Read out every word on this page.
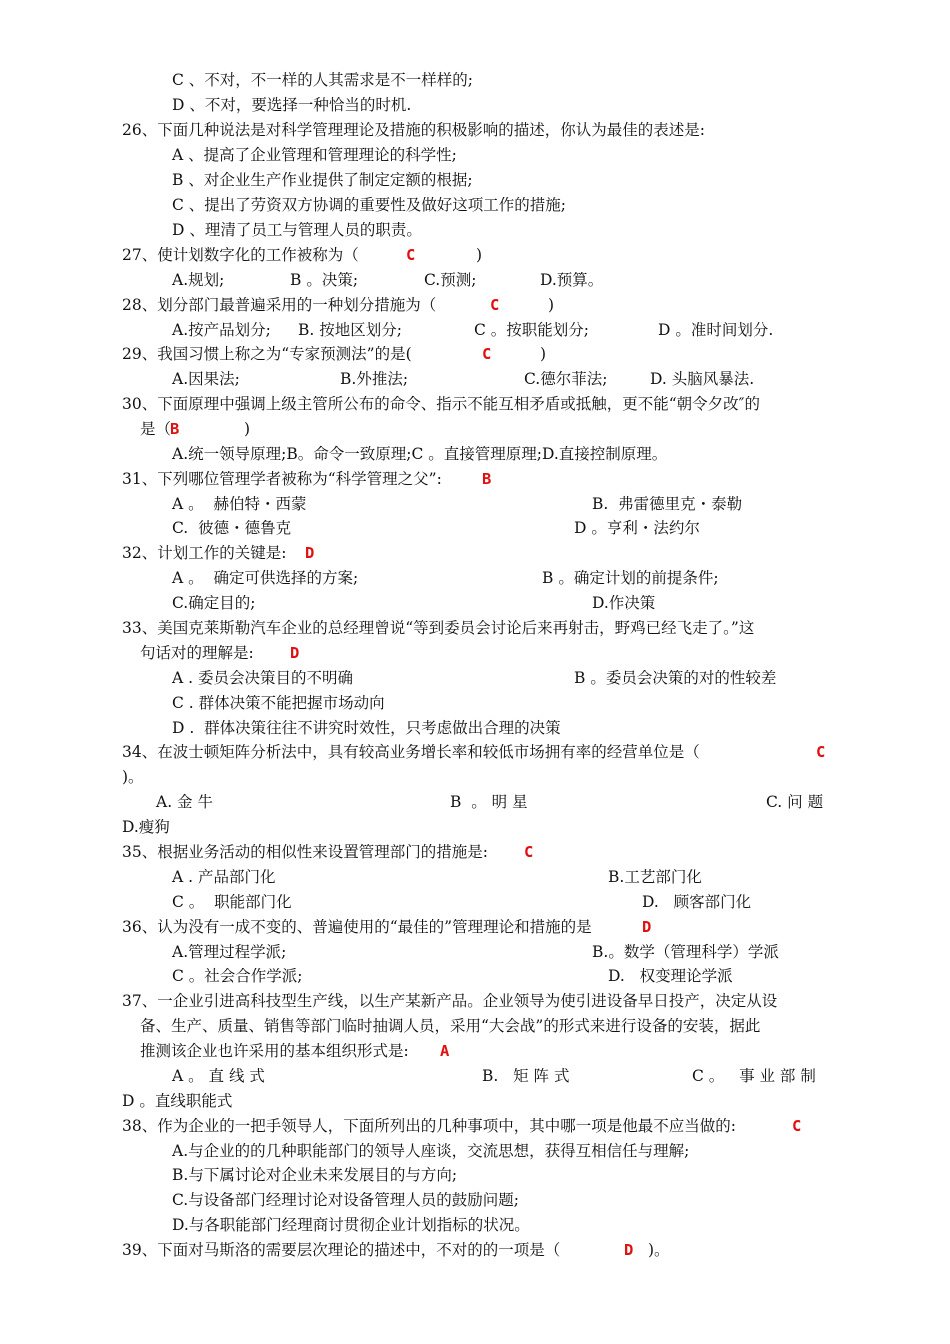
C 、不对，不一样的人其需求是不一样样的;
D 、不对，要选择一种恰当的时机.
26、下面几种说法是对科学管理理论及措施的积极影响的描述，你认为最佳的表述是:
A 、提高了企业管理和管理理论的科学性;
B 、对企业生产作业提供了制定定额的根据;
C 、提出了劳资双方协调的重要性及做好这项工作的措施;
D 、理清了员工与管理人员的职责。
27、使计划数字化的工作被称为（	C	)
A.规划;	B 。决策;	C.预测;	D.预算。
28、划分部门最普遍采用的一种划分措施为（	C	)
A.按产品划分; B. 按地区划分;	C 。按职能划分;	D 。准时间划分.
29、我国习惯上称之为“专家预测法”的是(	C	)
A.因果法;	B.外推法;	C.德尔菲法;	D. 头脑风暴法.
30、下面原理中强调上级主管所公布的命令、指示不能互相矛盾或抵触，更不能“朝令夕改″的
是（
B	)
A.统一领导原理;B。命令一致原理;C 。直接管理原理;D.直接控制原理。
31、下列哪位管理学者被称为“科学管理之父”:	B
A 。  赫伯特・西蒙	B.  弗雷德里克・泰勒
C.  彼德・德鲁克	D 。亨利・法约尔
32、计划工作的关键是: D
A 。  确定可供选择的方案;	B 。确定计划的前提条件;
C.确定目的;	D.作决策
33、美国克莱斯勒汽车企业的总经理曾说“等到委员会讨论后来再射击，野鸡已经飞走了。”这
句话对的理解是: D
A . 委员会决策目的不明确	B 。委员会决策的对的性较差
C . 群体决策不能把握市场动向
D .  群体决策往往不讲究时效性，只考虑做出合理的决策
34、在波士顿矩阵分析法中，具有较高业务增长率和较低市场拥有率的经营单位是（	C
)。
A. 金 牛	B  。 明 星	C. 问 题
D.瘦狗
35、根据业务活动的相似性来设置管理部门的措施是: C
A . 产品部门化	B.工艺部门化
C 。  职能部门化	D.   顾客部门化
36、认为没有一成不变的、普遍使用的“最佳的”管理理论和措施的是	D
A.管理过程学派;	B.。数学（管理科学）学派
C 。社会合作学派;	D.   权变理论学派
37、一企业引进高科技型生产线，以生产某新产品。企业领导为使引进设备早日投产，决定从设
备、生产、质量、销售等部门临时抽调人员，采用“大会战”的形式来进行设备的安装，据此
推测该企业也许采用的基本组织形式是: A
A 。 直 线 式	B.   矩 阵 式	C 。   事 业 部 制
D 。直线职能式
38、作为企业的一把手领导人，下面所列出的几种事项中，其中哪一项是他最不应当做的:	C
A.与企业的的几种职能部门的领导人座谈，交流思想，获得互相信任与理解;
B.与下属讨论对企业未来发展目的与方向;
C.与设备部门经理讨论对设备管理人员的鼓励问题;
D.与各职能部门经理商讨贯彻企业计划指标的状况。
39、下面对马斯洛的需要层次理论的描述中，不对的的一项是（	D )。
